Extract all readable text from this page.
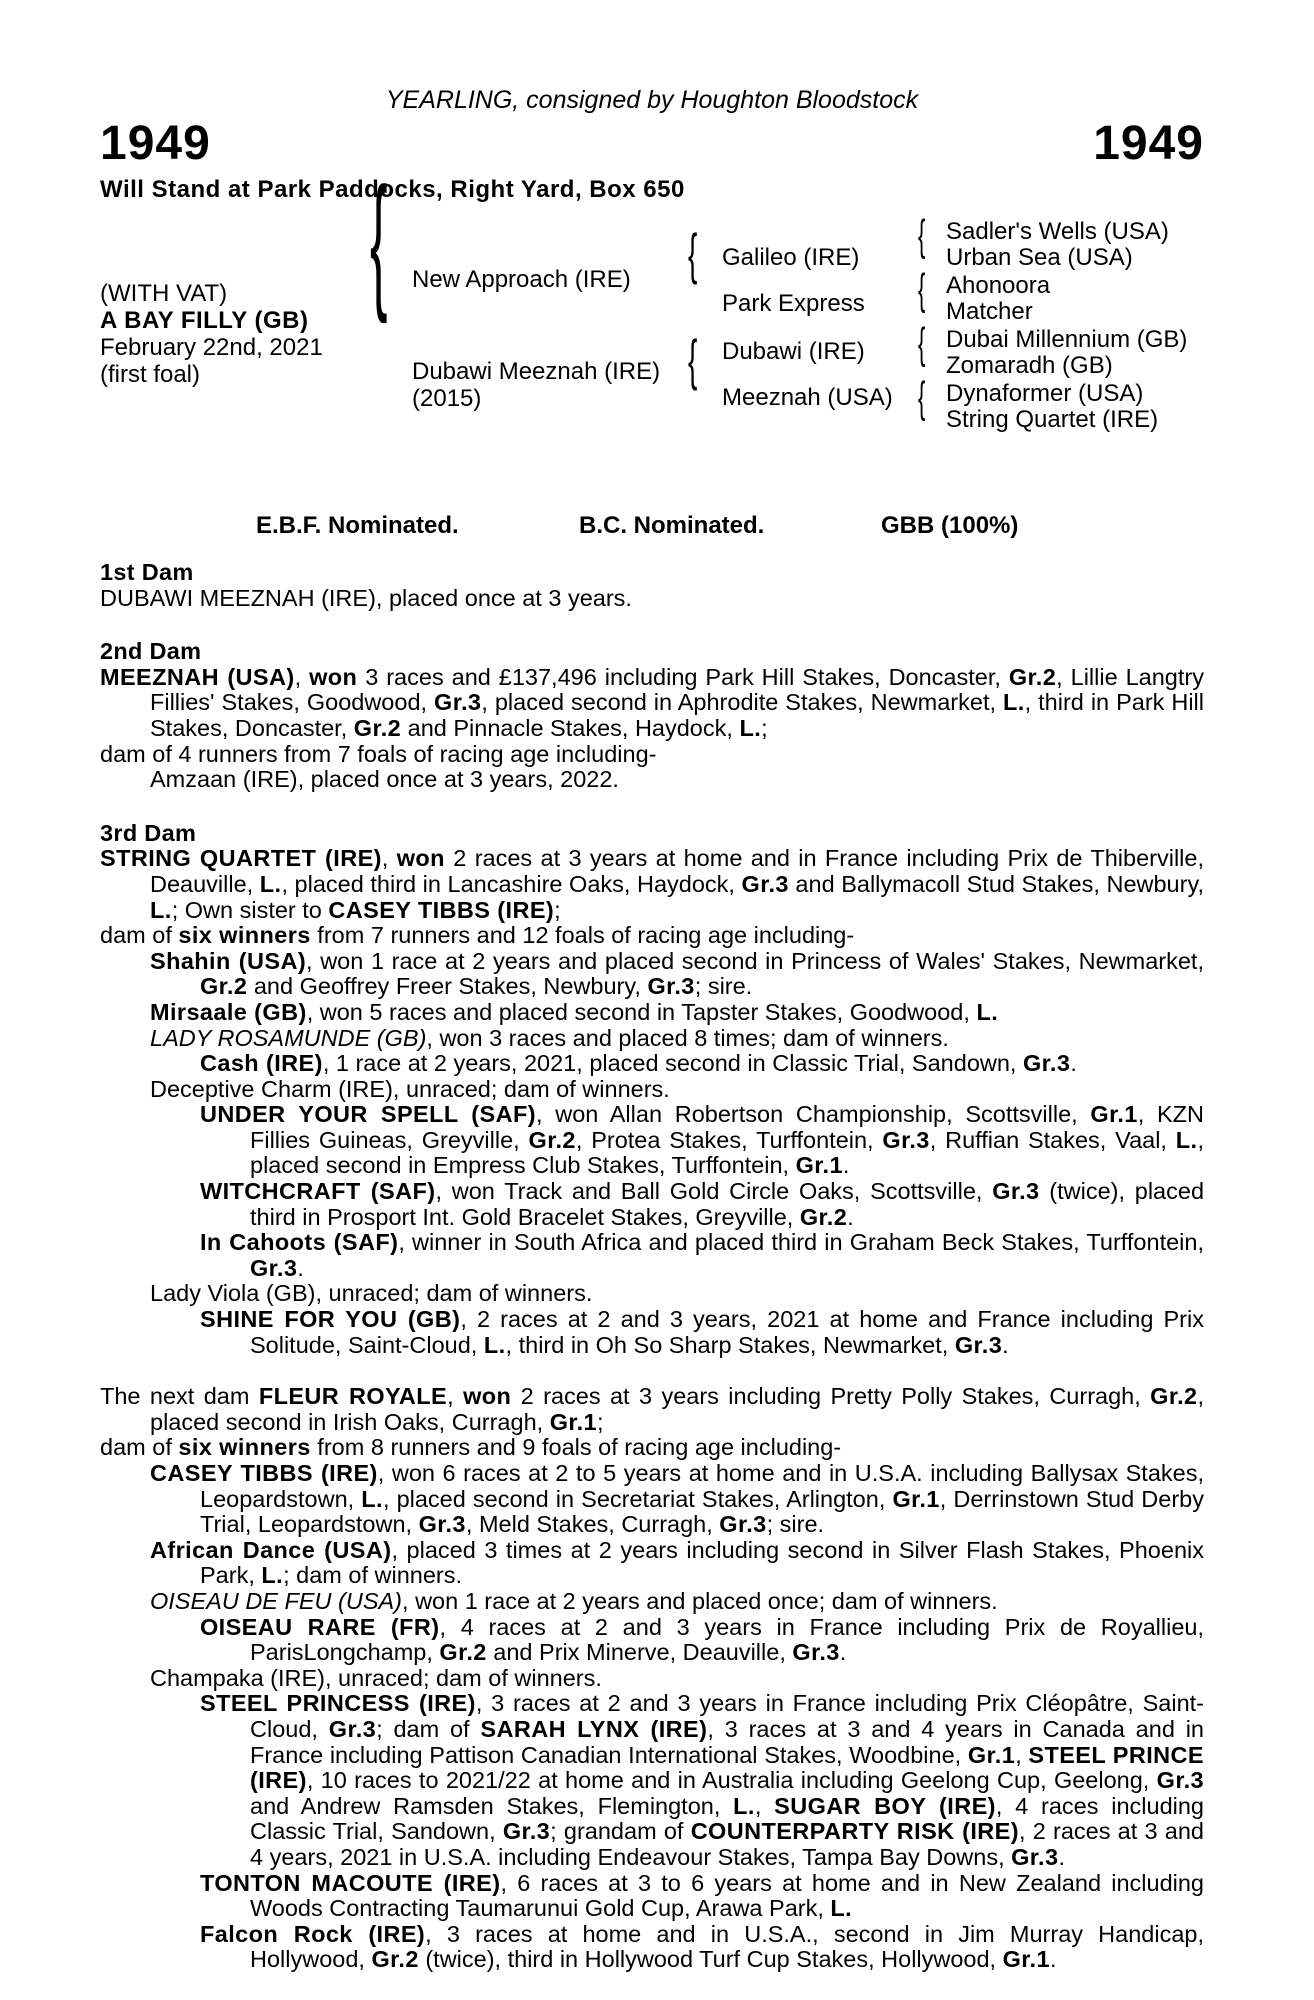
YEARLING, consigned by Houghton Bloodstock
1949	1949
Will Stand at Park Paddocks, Right Yard, Box 650
(WITH VAT)
A BAY FILLY (GB)
February 22nd, 2021
(first foal)
{ New Approach (IRE)
Dubawi Meeznah (IRE)
(2015)
{
{
Galileo (IRE)
Park Express
Dubawi (IRE)
Meeznah (USA)
{
{
{
{
Sadler's Wells (USA)
Urban Sea (USA)
Ahonoora
Matcher
Dubai Millennium (GB)
Zomaradh (GB)
Dynaformer (USA)
String Quartet (IRE)
E.B.F. Nominated.	B.C. Nominated.	GBB (100%)
1st Dam
DUBAWI MEEZNAH (IRE), placed once at 3 years.
2nd Dam
MEEZNAH (USA), won 3 races and £137,496 including Park Hill Stakes, Doncaster, Gr.2, Lillie Langtry Fillies' Stakes, Goodwood, Gr.3, placed second in Aphrodite Stakes, Newmarket, L., third in Park Hill Stakes, Doncaster, Gr.2 and Pinnacle Stakes, Haydock, L.;
dam of 4 runners from 7 foals of racing age including-
Amzaan (IRE), placed once at 3 years, 2022.
3rd Dam
STRING QUARTET (IRE), won 2 races at 3 years at home and in France including Prix de Thiberville, Deauville, L., placed third in Lancashire Oaks, Haydock, Gr.3 and Ballymacoll Stud Stakes, Newbury, L.; Own sister to CASEY TIBBS (IRE);
dam of six winners from 7 runners and 12 foals of racing age including-
Shahin (USA), won 1 race at 2 years and placed second in Princess of Wales' Stakes, Newmarket, Gr.2 and Geoffrey Freer Stakes, Newbury, Gr.3; sire.
Mirsaale (GB), won 5 races and placed second in Tapster Stakes, Goodwood, L.
LADY ROSAMUNDE (GB), won 3 races and placed 8 times; dam of winners.
Cash (IRE), 1 race at 2 years, 2021, placed second in Classic Trial, Sandown, Gr.3.
Deceptive Charm (IRE), unraced; dam of winners.
UNDER YOUR SPELL (SAF), won Allan Robertson Championship, Scottsville, Gr.1, KZN Fillies Guineas, Greyville, Gr.2, Protea Stakes, Turffontein, Gr.3, Ruffian Stakes, Vaal, L., placed second in Empress Club Stakes, Turffontein, Gr.1.
WITCHCRAFT (SAF), won Track and Ball Gold Circle Oaks, Scottsville, Gr.3 (twice), placed third in Prosport Int. Gold Bracelet Stakes, Greyville, Gr.2.
In Cahoots (SAF), winner in South Africa and placed third in Graham Beck Stakes, Turffontein, Gr.3.
Lady Viola (GB), unraced; dam of winners.
SHINE FOR YOU (GB), 2 races at 2 and 3 years, 2021 at home and France including Prix Solitude, Saint-Cloud, L., third in Oh So Sharp Stakes, Newmarket, Gr.3.
The next dam FLEUR ROYALE, won 2 races at 3 years including Pretty Polly Stakes, Curragh, Gr.2, placed second in Irish Oaks, Curragh, Gr.1;
dam of six winners from 8 runners and 9 foals of racing age including-
CASEY TIBBS (IRE), won 6 races at 2 to 5 years at home and in U.S.A. including Ballysax Stakes, Leopardstown, L., placed second in Secretariat Stakes, Arlington, Gr.1, Derrinstown Stud Derby Trial, Leopardstown, Gr.3, Meld Stakes, Curragh, Gr.3; sire.
African Dance (USA), placed 3 times at 2 years including second in Silver Flash Stakes, Phoenix Park, L.; dam of winners.
OISEAU DE FEU (USA), won 1 race at 2 years and placed once; dam of winners.
OISEAU RARE (FR), 4 races at 2 and 3 years in France including Prix de Royallieu, ParisLongchamp, Gr.2 and Prix Minerve, Deauville, Gr.3.
Champaka (IRE), unraced; dam of winners.
STEEL PRINCESS (IRE), 3 races at 2 and 3 years in France including Prix Cléopâtre, Saint-Cloud, Gr.3; dam of SARAH LYNX (IRE), 3 races at 3 and 4 years in Canada and in France including Pattison Canadian International Stakes, Woodbine, Gr.1, STEEL PRINCE (IRE), 10 races to 2021/22 at home and in Australia including Geelong Cup, Geelong, Gr.3 and Andrew Ramsden Stakes, Flemington, L., SUGAR BOY (IRE), 4 races including Classic Trial, Sandown, Gr.3; grandam of COUNTERPARTY RISK (IRE), 2 races at 3 and 4 years, 2021 in U.S.A. including Endeavour Stakes, Tampa Bay Downs, Gr.3.
TONTON MACOUTE (IRE), 6 races at 3 to 6 years at home and in New Zealand including Woods Contracting Taumarunui Gold Cup, Arawa Park, L.
Falcon Rock (IRE), 3 races at home and in U.S.A., second in Jim Murray Handicap, Hollywood, Gr.2 (twice), third in Hollywood Turf Cup Stakes, Hollywood, Gr.1.
